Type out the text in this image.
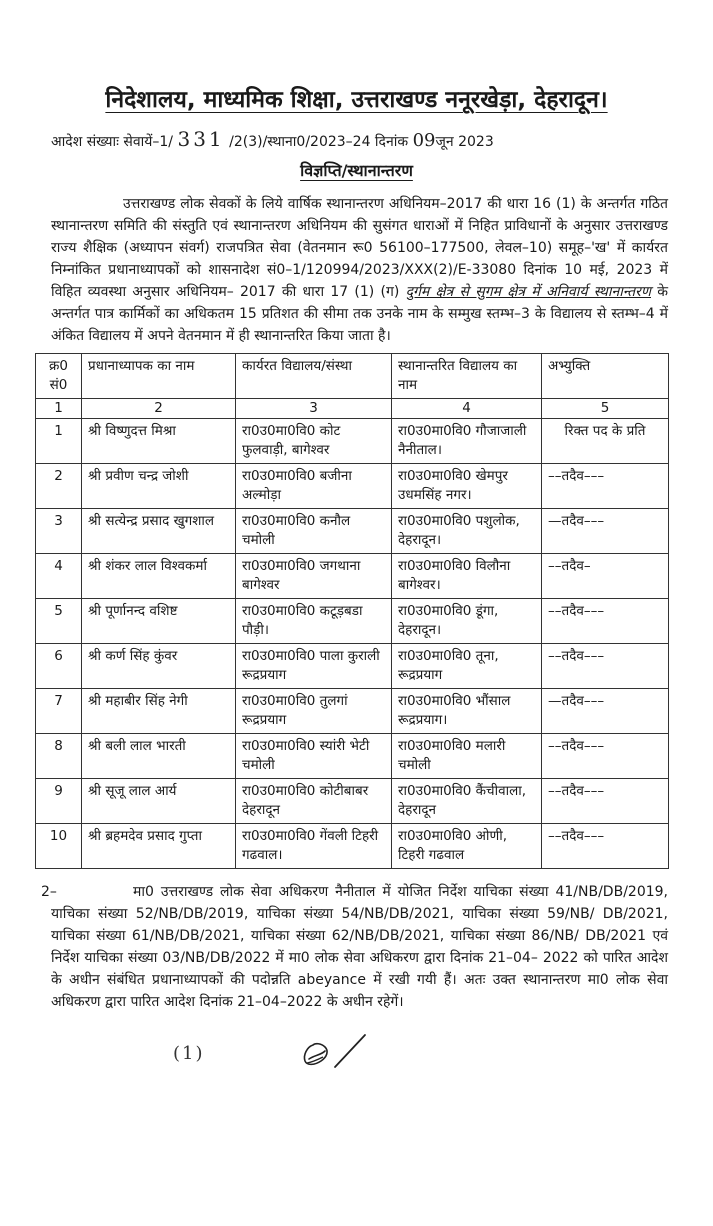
निदेशालय, माध्यमिक शिक्षा, उत्तराखण्ड ननूरखेड़ा, देहरादून।
आदेश संख्याः सेवायें–1/ 331 /2(3)/स्थाना0/2023–24 दिनांक 09जून 2023
विज्ञप्ति/स्थानान्तरण
उत्तराखण्ड लोक सेवकों के लिये वार्षिक स्थानान्तरण अधिनियम–2017 की धारा 16 (1) के अन्तर्गत गठित स्थानान्तरण समिति की संस्तुति एवं स्थानान्तरण अधिनियम की सुसंगत धाराओं में निहित प्राविधानों के अनुसार उत्तराखण्ड राज्य शैक्षिक (अध्यापन संवर्ग) राजपत्रित सेवा (वेतनमान रू0 56100–177500, लेवल–10) समूह–'ख' में कार्यरत निम्नांकित प्रधानाध्यापकों को शासनादेश सं0–1/120994/2023/XXX(2)/E-33080 दिनांक 10 मई, 2023 में विहित व्यवस्था अनुसार अधिनियम– 2017 की धारा 17 (1) (ग) दुर्गम क्षेत्र से सुगम क्षेत्र में अनिवार्य स्थानान्तरण के अन्तर्गत पात्र कार्मिकों का अधिकतम 15 प्रतिशत की सीमा तक उनके नाम के सम्मुख स्तम्भ–3 के विद्यालय से स्तम्भ–4 में अंकित विद्यालय में अपने वेतनमान में ही स्थानान्तरित किया जाता है।
क्र0 सं0	प्रधानाध्यापक का नाम	कार्यरत विद्यालय/संस्था	स्थानान्तरित विद्यालय का नाम	अभ्युक्ति
1	2	3	4	5
1	श्री विष्णुदत्त मिश्रा	रा0उ0मा0वि0 कोट फुलवाड़ी, बागेश्वर	रा0उ0मा0वि0 गौजाजाली नैनीताल।	रिक्त पद के प्रति
2	श्री प्रवीण चन्द्र जोशी	रा0उ0मा0वि0 बजीना अल्मोड़ा	रा0उ0मा0वि0 खेमपुर उधमसिंह नगर।	––तदैव–––
3	श्री सत्येन्द्र प्रसाद खुगशाल	रा0उ0मा0वि0 कनौल चमोली	रा0उ0मा0वि0 पशुलोक, देहरादून।	—तदैव–––
4	श्री शंकर लाल विश्वकर्मा	रा0उ0मा0वि0 जगथाना बागेश्वर	रा0उ0मा0वि0 विलौना बागेश्वर।	––तदैव–
5	श्री पूर्णानन्द वशिष्ट	रा0उ0मा0वि0 कटूड़बडा पौड़ी।	रा0उ0मा0वि0 डूंगा, देहरादून।	––तदैव–––
6	श्री कर्ण सिंह कुंवर	रा0उ0मा0वि0 पाला कुराली रूद्रप्रयाग	रा0उ0मा0वि0 तूना, रूद्रप्रयाग	––तदैव–––
7	श्री महाबीर सिंह नेगी	रा0उ0मा0वि0 तुलगां रूद्रप्रयाग	रा0उ0मा0वि0 भौंसाल रूद्रप्रयाग।	—तदैव–––
8	श्री बली लाल भारती	रा0उ0मा0वि0 स्यांरी भेटी चमोली	रा0उ0मा0वि0 मलारी चमोली	––तदैव–––
9	श्री सूजू लाल आर्य	रा0उ0मा0वि0 कोटीबाबर देहरादून	रा0उ0मा0वि0 कैंचीवाला, देहरादून	––तदैव–––
10	श्री ब्रहमदेव प्रसाद गुप्ता	रा0उ0मा0वि0 गेंवली टिहरी गढवाल।	रा0उ0मा0वि0 ओणी, टिहरी गढवाल	––तदैव–––
2–	मा0 उत्तराखण्ड लोक सेवा अधिकरण नैनीताल में योजित निर्देश याचिका संख्या 41/NB/DB/2019, याचिका संख्या 52/NB/DB/2019, याचिका संख्या 54/NB/DB/2021, याचिका संख्या 59/NB/ DB/2021, याचिका संख्या 61/NB/DB/2021, याचिका संख्या 62/NB/DB/2021, याचिका संख्या 86/NB/ DB/2021 एवं निर्देश याचिका संख्या 03/NB/DB/2022 में मा0 लोक सेवा अधिकरण द्वारा दिनांक 21–04– 2022 को पारित आदेश के अधीन संबंधित प्रधानाध्यापकों की पदोन्नति abeyance में रखी गयी हैं। अतः उक्त स्थानान्तरण मा0 लोक सेवा अधिकरण द्वारा पारित आदेश दिनांक 21–04–2022 के अधीन रहेगें।
(1)
